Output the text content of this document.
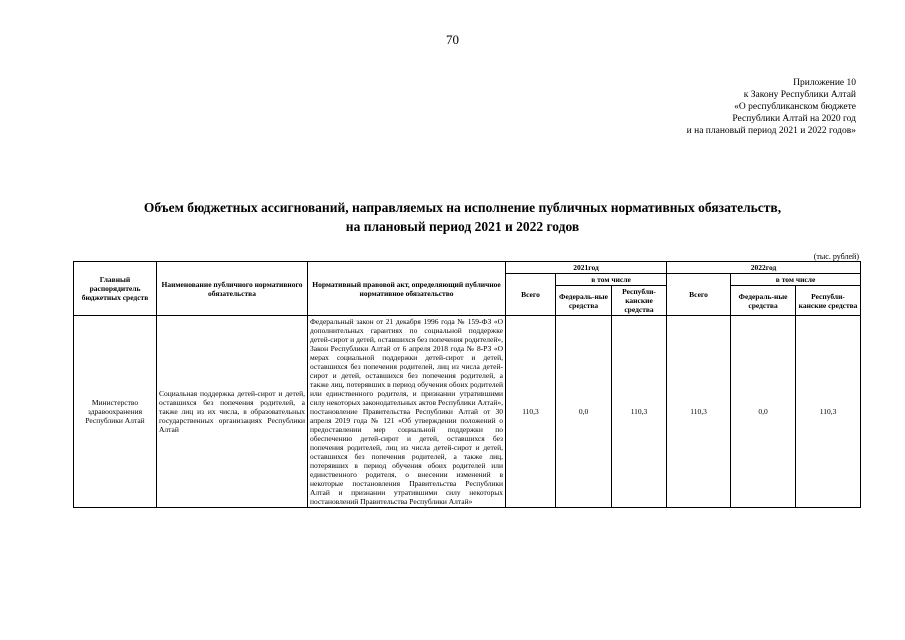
70
Приложение 10
к Закону Республики Алтай
«О республиканском бюджете
Республики Алтай на 2020 год
и на плановый период 2021 и 2022 годов»
Объем бюджетных ассигнований, направляемых на исполнение публичных нормативных обязательств,
на плановый период 2021 и 2022 годов
(тыс. рублей)
Главный распорядитель бюджетных средств	Наименование публичного нормативного обязательства	Нормативный правовой акт, определяющий публичное нормативное обязательство	2021год			2022год		
			Всего	в том числе		Всего	в том числе	
				Федераль-ные средства	Республи-канские средства		Федераль-ные средства	Республи-канские средства
Министерство здравоохранения Республики Алтай	Социальная поддержка детей-сирот и детей, оставшихся без попечения родителей, а также лиц из их числа, в образовательных государственных организациях Республики Алтай	Федеральный закон от 21 декабря 1996 года № 159-ФЗ «О дополнительных гарантиях по социальной поддержке детей-сирот и детей, оставшихся без попечения родителей», Закон Республики Алтай от 6 апреля 2018 года № 8-РЗ «О мерах социальной поддержки детей-сирот и детей, оставшихся без попечения родителей, лиц из числа детей-сирот и детей, оставшихся без попечения родителей, а также лиц, потерявших в период обучения обоих родителей или единственного родителя, и признании утратившими силу некоторых законодательных актов Республики Алтай», постановление Правительства Республики Алтай от 30 апреля 2019 года № 121 «Об утверждении положений о предоставлении мер социальной поддержки по обеспечению детей-сирот и детей, оставшихся без попечения родителей, лиц из числа детей-сирот и детей, оставшихся без попечения родителей, а также лиц, потерявших в период обучения обоих родителей или единственного родителя, о внесении изменений в некоторые постановления Правительства Республики Алтай и признании утратившими силу некоторых постановлений Правительства Республики Алтай»	110,3	0,0	110,3	110,3	0,0	110,3
